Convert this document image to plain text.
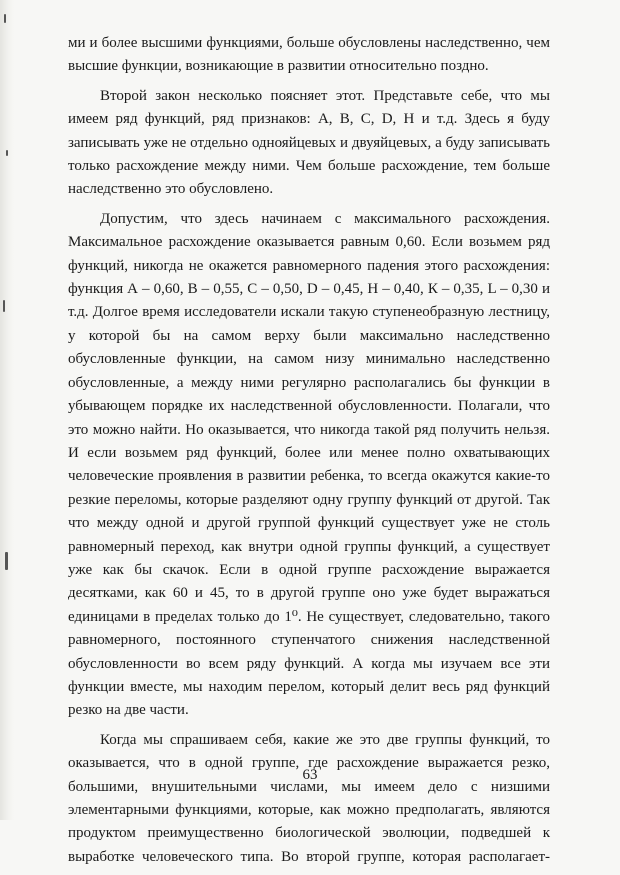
ми и более высшими функциями, больше обусловлены наследственно, чем высшие функции, возникающие в развитии относительно поздно.

Второй закон несколько поясняет этот. Представьте себе, что мы имеем ряд функций, ряд признаков: А, В, С, D, Н и т.д. Здесь я буду записывать уже не отдельно однояйцевых и двуяйцевых, а буду записывать только расхождение между ними. Чем больше расхождение, тем больше наследственно это обусловлено.

Допустим, что здесь начинаем с максимального расхождения. Максимальное расхождение оказывается равным 0,60. Если возьмем ряд функций, никогда не окажется равномерного падения этого расхождения: функция А – 0,60, В – 0,55, С – 0,50, D – 0,45, Н – 0,40, К – 0,35, L – 0,30 и т.д. Долгое время исследователи искали такую ступенеобразную лестницу, у которой бы на самом верху были максимально наследственно обусловленные функции, на самом низу минимально наследственно обусловленные, а между ними регулярно располагались бы функции в убывающем порядке их наследственной обусловленности. Полагали, что это можно найти. Но оказывается, что никогда такой ряд получить нельзя. И если возьмем ряд функций, более или менее полно охватывающих человеческие проявления в развитии ребенка, то всегда окажутся какие-то резкие переломы, которые разделяют одну группу функций от другой. Так что между одной и другой группой функций существует уже не столь равномерный переход, как внутри одной группы функций, а существует уже как бы скачок. Если в одной группе расхождение выражается десятками, как 60 и 45, то в другой группе оно уже будет выражаться единицами в пределах только до 1⁰. Не существует, следовательно, такого равномерного, постоянного ступенчатого снижения наследственной обусловленности во всем ряду функций. А когда мы изучаем все эти функции вместе, мы находим перелом, который делит весь ряд функций резко на две части.

Когда мы спрашиваем себя, какие же это две группы функций, то оказывается, что в одной группе, где расхождение выражается резко, большими, внушительными числами, мы имеем дело с низшими элементарными функциями, которые, как можно предполагать, являются продуктом преимущественно биологической эволюции, подведшей к выработке человеческого типа. Во второй группе, которая располагает-

63
